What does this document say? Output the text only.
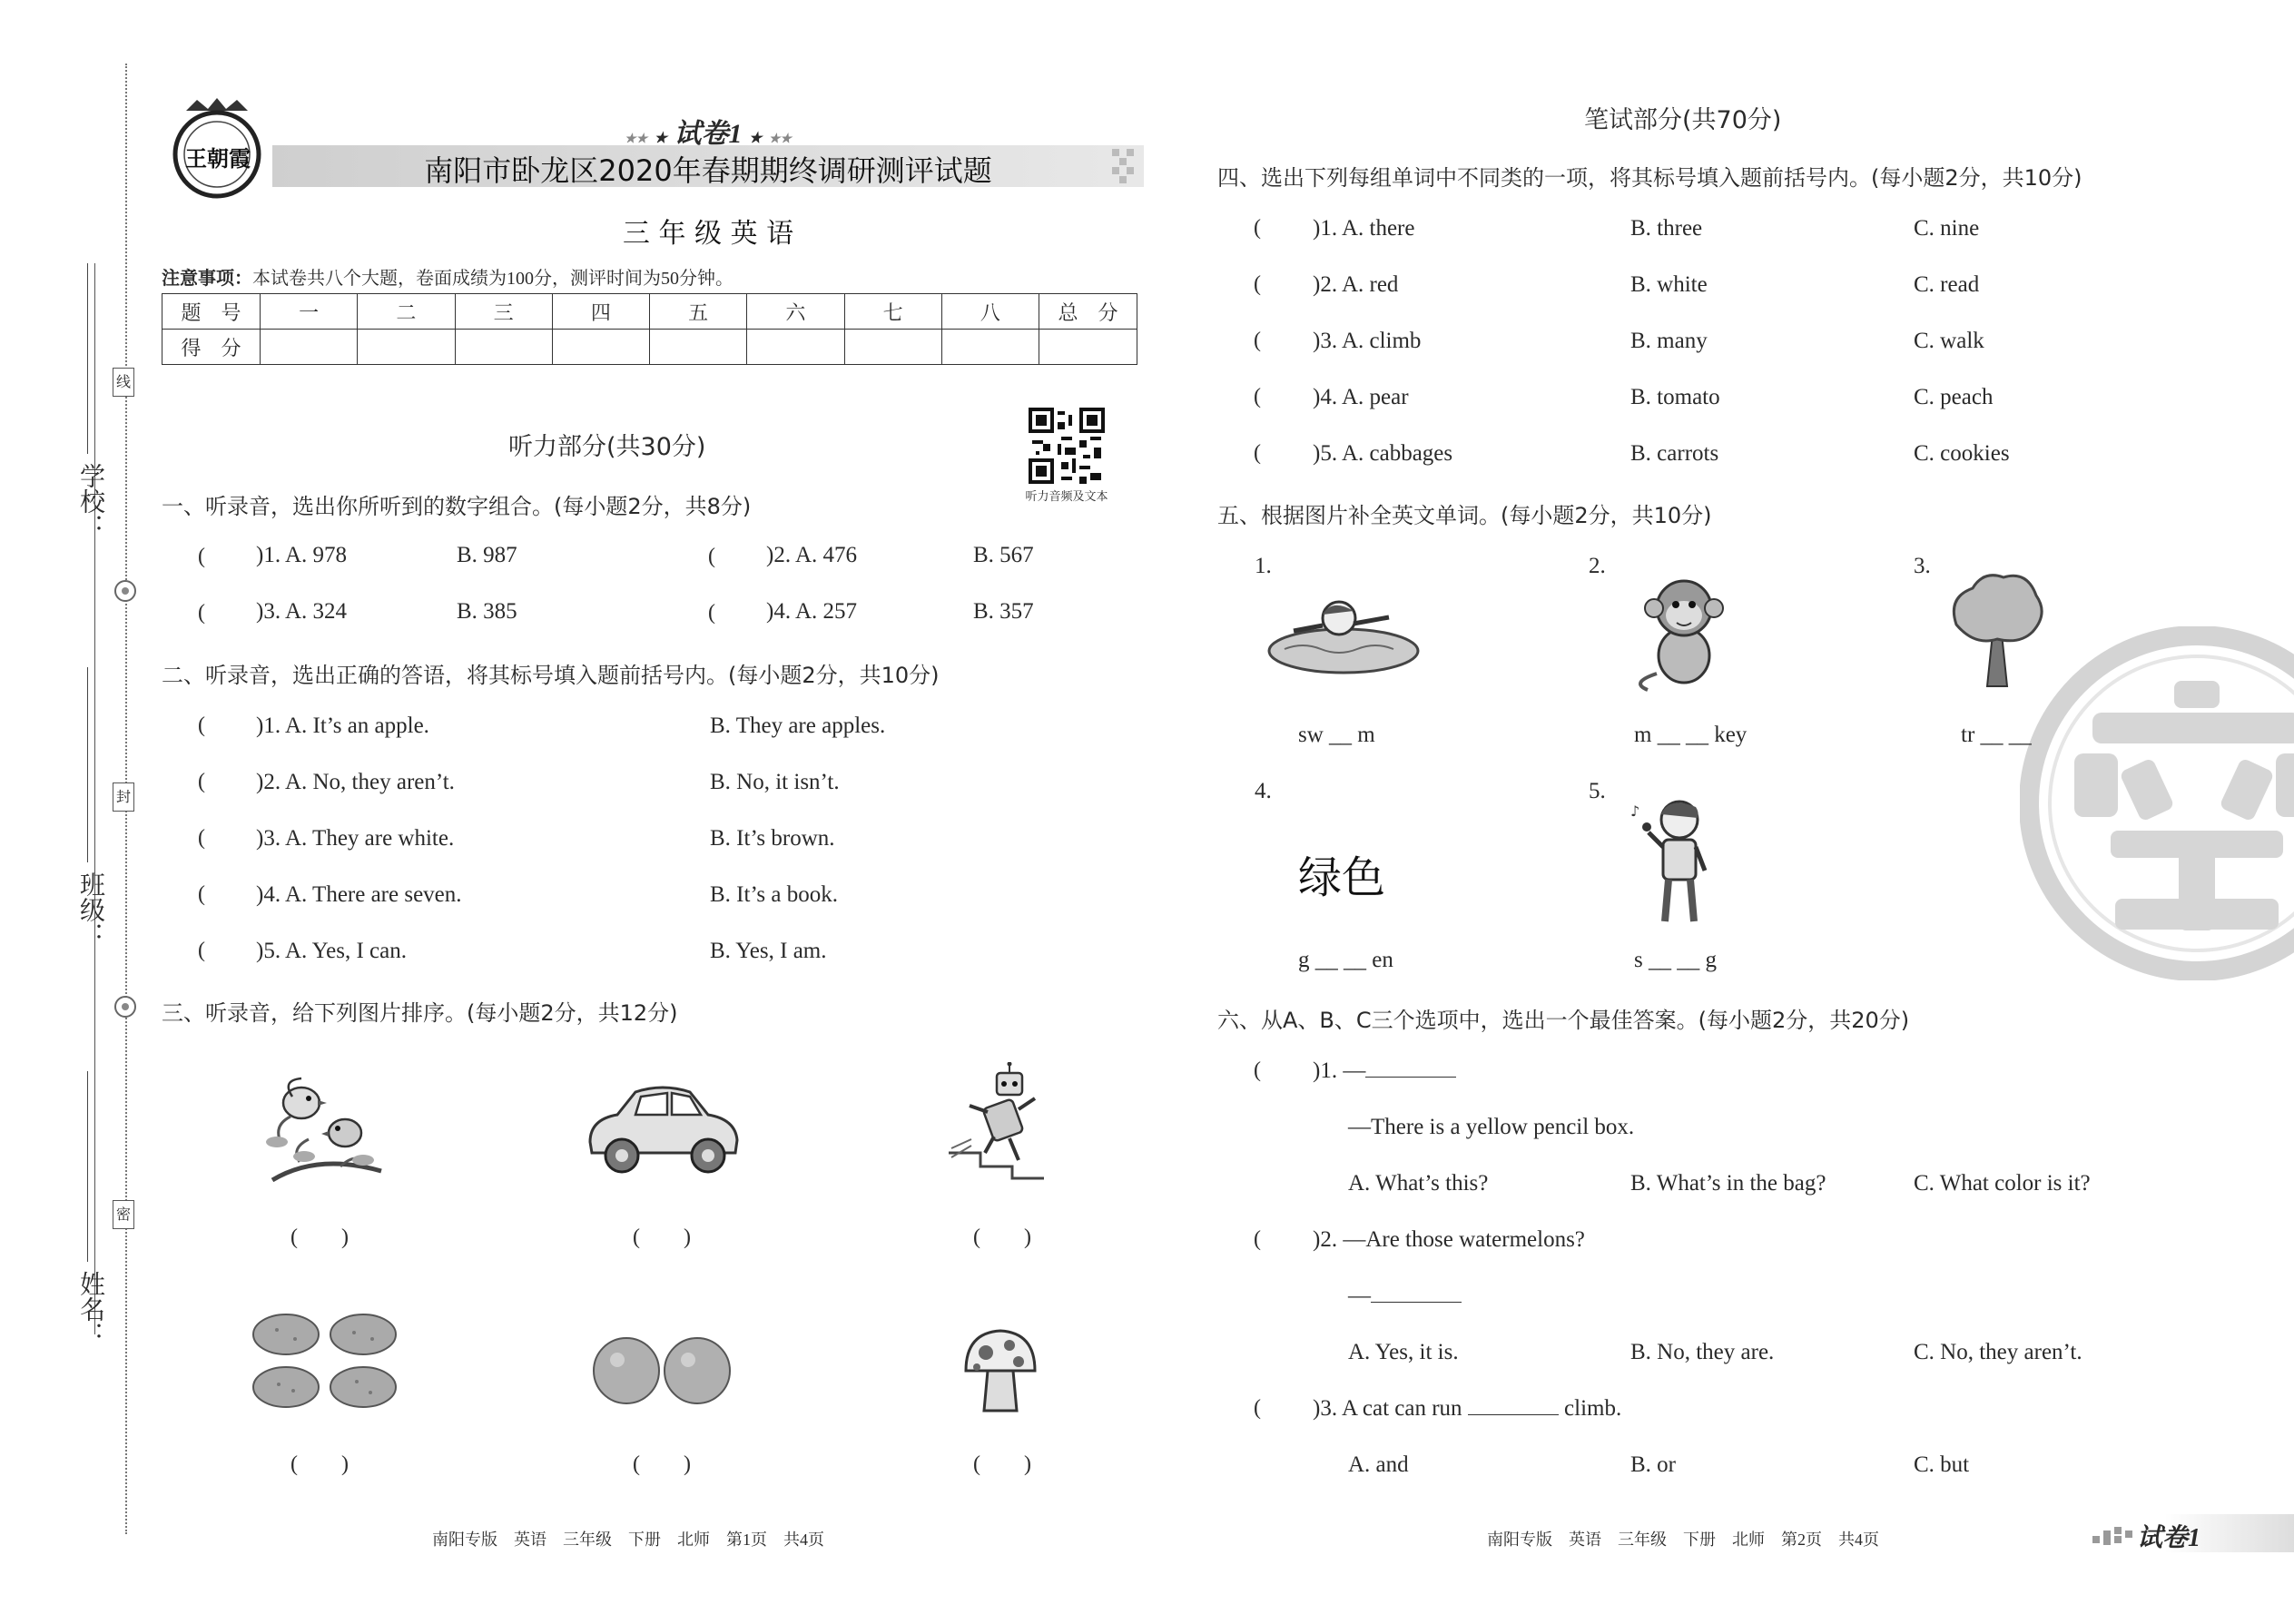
学校：
班级：
姓名：
线
封
密
王朝霞
★★ ★ 试卷1 ★ ★★
南阳市卧龙区2020年春期期终调研测评试题
三 年 级 英 语
注意事项：本试卷共八个大题，卷面成绩为100分，测评时间为50分钟。
题　号	一	二	三	四	五	六	七	八	总　分
得　分									
听力部分(共30分)
听力音频及文本
一、听录音，选出你所听到的数字组合。(每小题2分，共8分)
( )1. A. 978	B. 987	( )2. A. 476	B. 567
( )3. A. 324	B. 385	( )4. A. 257	B. 357
二、听录音，选出正确的答语，将其标号填入题前括号内。(每小题2分，共10分)
( )1. A. It’s an apple.	B. They are apples.
( )2. A. No, they aren’t.	B. No, it isn’t.
( )3. A. They are white.	B. It’s brown.
( )4. A. There are seven.	B. It’s a book.
( )5. A. Yes, I can.	B. Yes, I am.
三、听录音，给下列图片排序。(每小题2分，共12分)
(　　)	(　　)	(　　)
(　　)	(　　)	(　　)
南阳专版　英语　三年级　下册　北师　第1页　共4页
笔试部分(共70分)
四、选出下列每组单词中不同类的一项，将其标号填入题前括号内。(每小题2分，共10分)
( )1. A. there	B. three	C. nine
( )2. A. red	B. white	C. read
( )3. A. climb	B. many	C. walk
( )4. A. pear	B. tomato	C. peach
( )5. A. cabbages	B. carrots	C. cookies
五、根据图片补全英文单词。(每小题2分，共10分)
1.	2.	3.
sw __ m	m __ __ key	tr __ __
4.	5.
绿色
♪
g __ __ en	s __ __ g
六、从A、B、C三个选项中，选出一个最佳答案。(每小题2分，共20分)
( )1. —
—There is a yellow pencil box.
A. What’s this?	B. What’s in the bag?	C. What color is it?
( )2. —Are those watermelons?
—
A. Yes, it is.	B. No, they are.	C. No, they aren’t.
( )3. A cat can run	climb.
A. and	B. or	C. but
南阳专版　英语　三年级　下册　北师　第2页　共4页	试卷1
